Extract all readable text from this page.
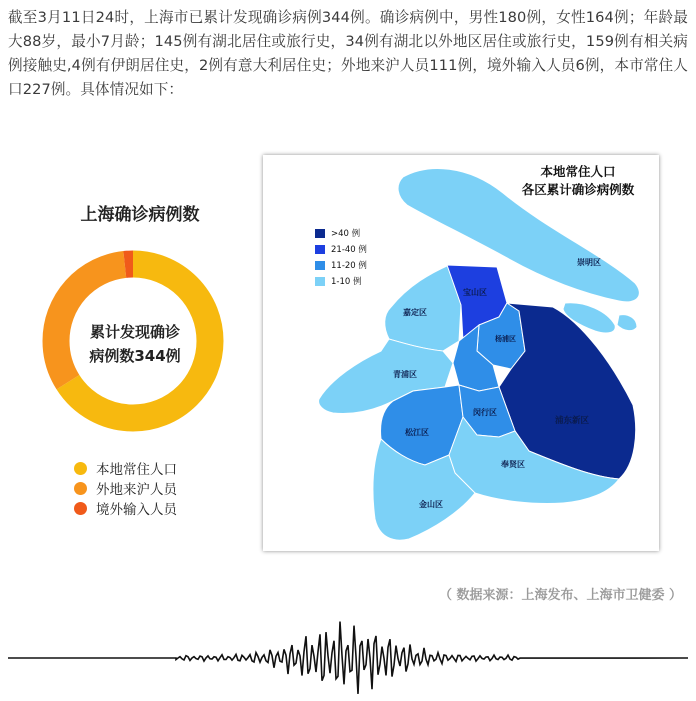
截至3月11日24时，上海市已累计发现确诊病例344例。确诊病例中，男性180例，女性164例；年龄最大88岁，最小7月龄；145例有湖北居住或旅行史，34例有湖北以外地区居住或旅行史，159例有相关病例接触史,4例有伊朗居住史，2例有意大利居住史；外地来沪人员111例，境外输入人员6例，本市常住人口227例。具体情况如下：

上海确诊病例数
累计发现确诊
病例数344例
本地常住人口
外地来沪人员
境外输入人员
崇明区
宝山区
嘉定区
杨浦区
青浦区
浦东新区
闵行区
松江区
奉贤区
金山区
本地常住人口
各区累计确诊病例数
>40 例
21-40 例
11-20 例
1-10 例
（ 数据来源：上海发布、上海市卫健委 ）
